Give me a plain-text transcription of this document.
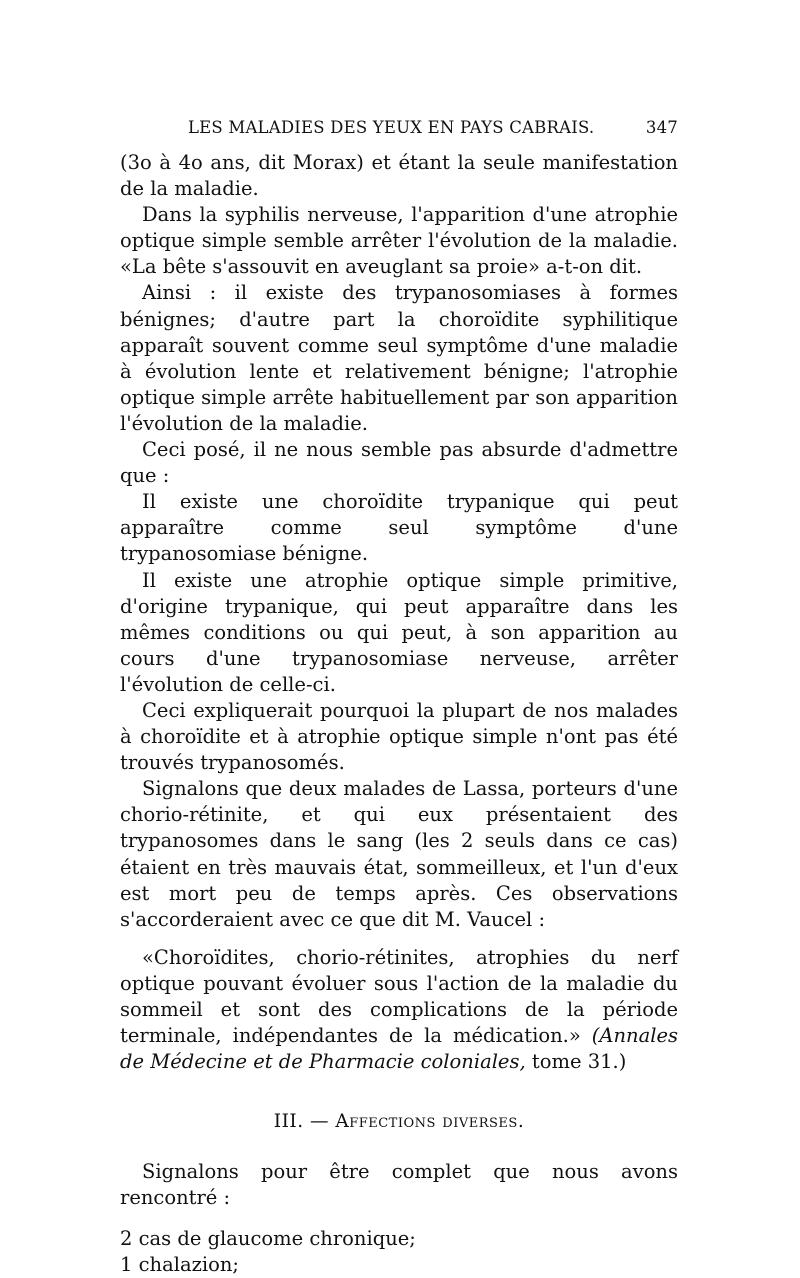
LES MALADIES DES YEUX EN PAYS CABRAIS.	347

(3o à 4o ans, dit Morax) et étant la seule manifestation de la maladie.

Dans la syphilis nerveuse, l'apparition d'une atrophie optique simple semble arrêter l'évolution de la maladie. «La bête s'assouvit en aveuglant sa proie» a-t-on dit.

Ainsi : il existe des trypanosomiases à formes bénignes; d'autre part la choroïdite syphilitique apparaît souvent comme seul symptôme d'une maladie à évolution lente et relativement bénigne; l'atrophie optique simple arrête habituellement par son apparition l'évolution de la maladie.

Ceci posé, il ne nous semble pas absurde d'admettre que :

Il existe une choroïdite trypanique qui peut apparaître comme seul symptôme d'une trypanosomiase bénigne.

Il existe une atrophie optique simple primitive, d'origine trypanique, qui peut apparaître dans les mêmes conditions ou qui peut, à son apparition au cours d'une trypanosomiase nerveuse, arrêter l'évolution de celle-ci.

Ceci expliquerait pourquoi la plupart de nos malades à choroïdite et à atrophie optique simple n'ont pas été trouvés trypanosomés.

Signalons que deux malades de Lassa, porteurs d'une chorio-rétinite, et qui eux présentaient des trypanosomes dans le sang (les 2 seuls dans ce cas) étaient en très mauvais état, sommeilleux, et l'un d'eux est mort peu de temps après. Ces observations s'accorderaient avec ce que dit M. Vaucel :

«Choroïdites, chorio-rétinites, atrophies du nerf optique pouvant évoluer sous l'action de la maladie du sommeil et sont des complications de la période terminale, indépendantes de la médication.» (Annales de Médecine et de Pharmacie coloniales, tome 31.)

III. — Affections diverses.

Signalons pour être complet que nous avons rencontré :

2 cas de glaucome chronique;

1 chalazion;
